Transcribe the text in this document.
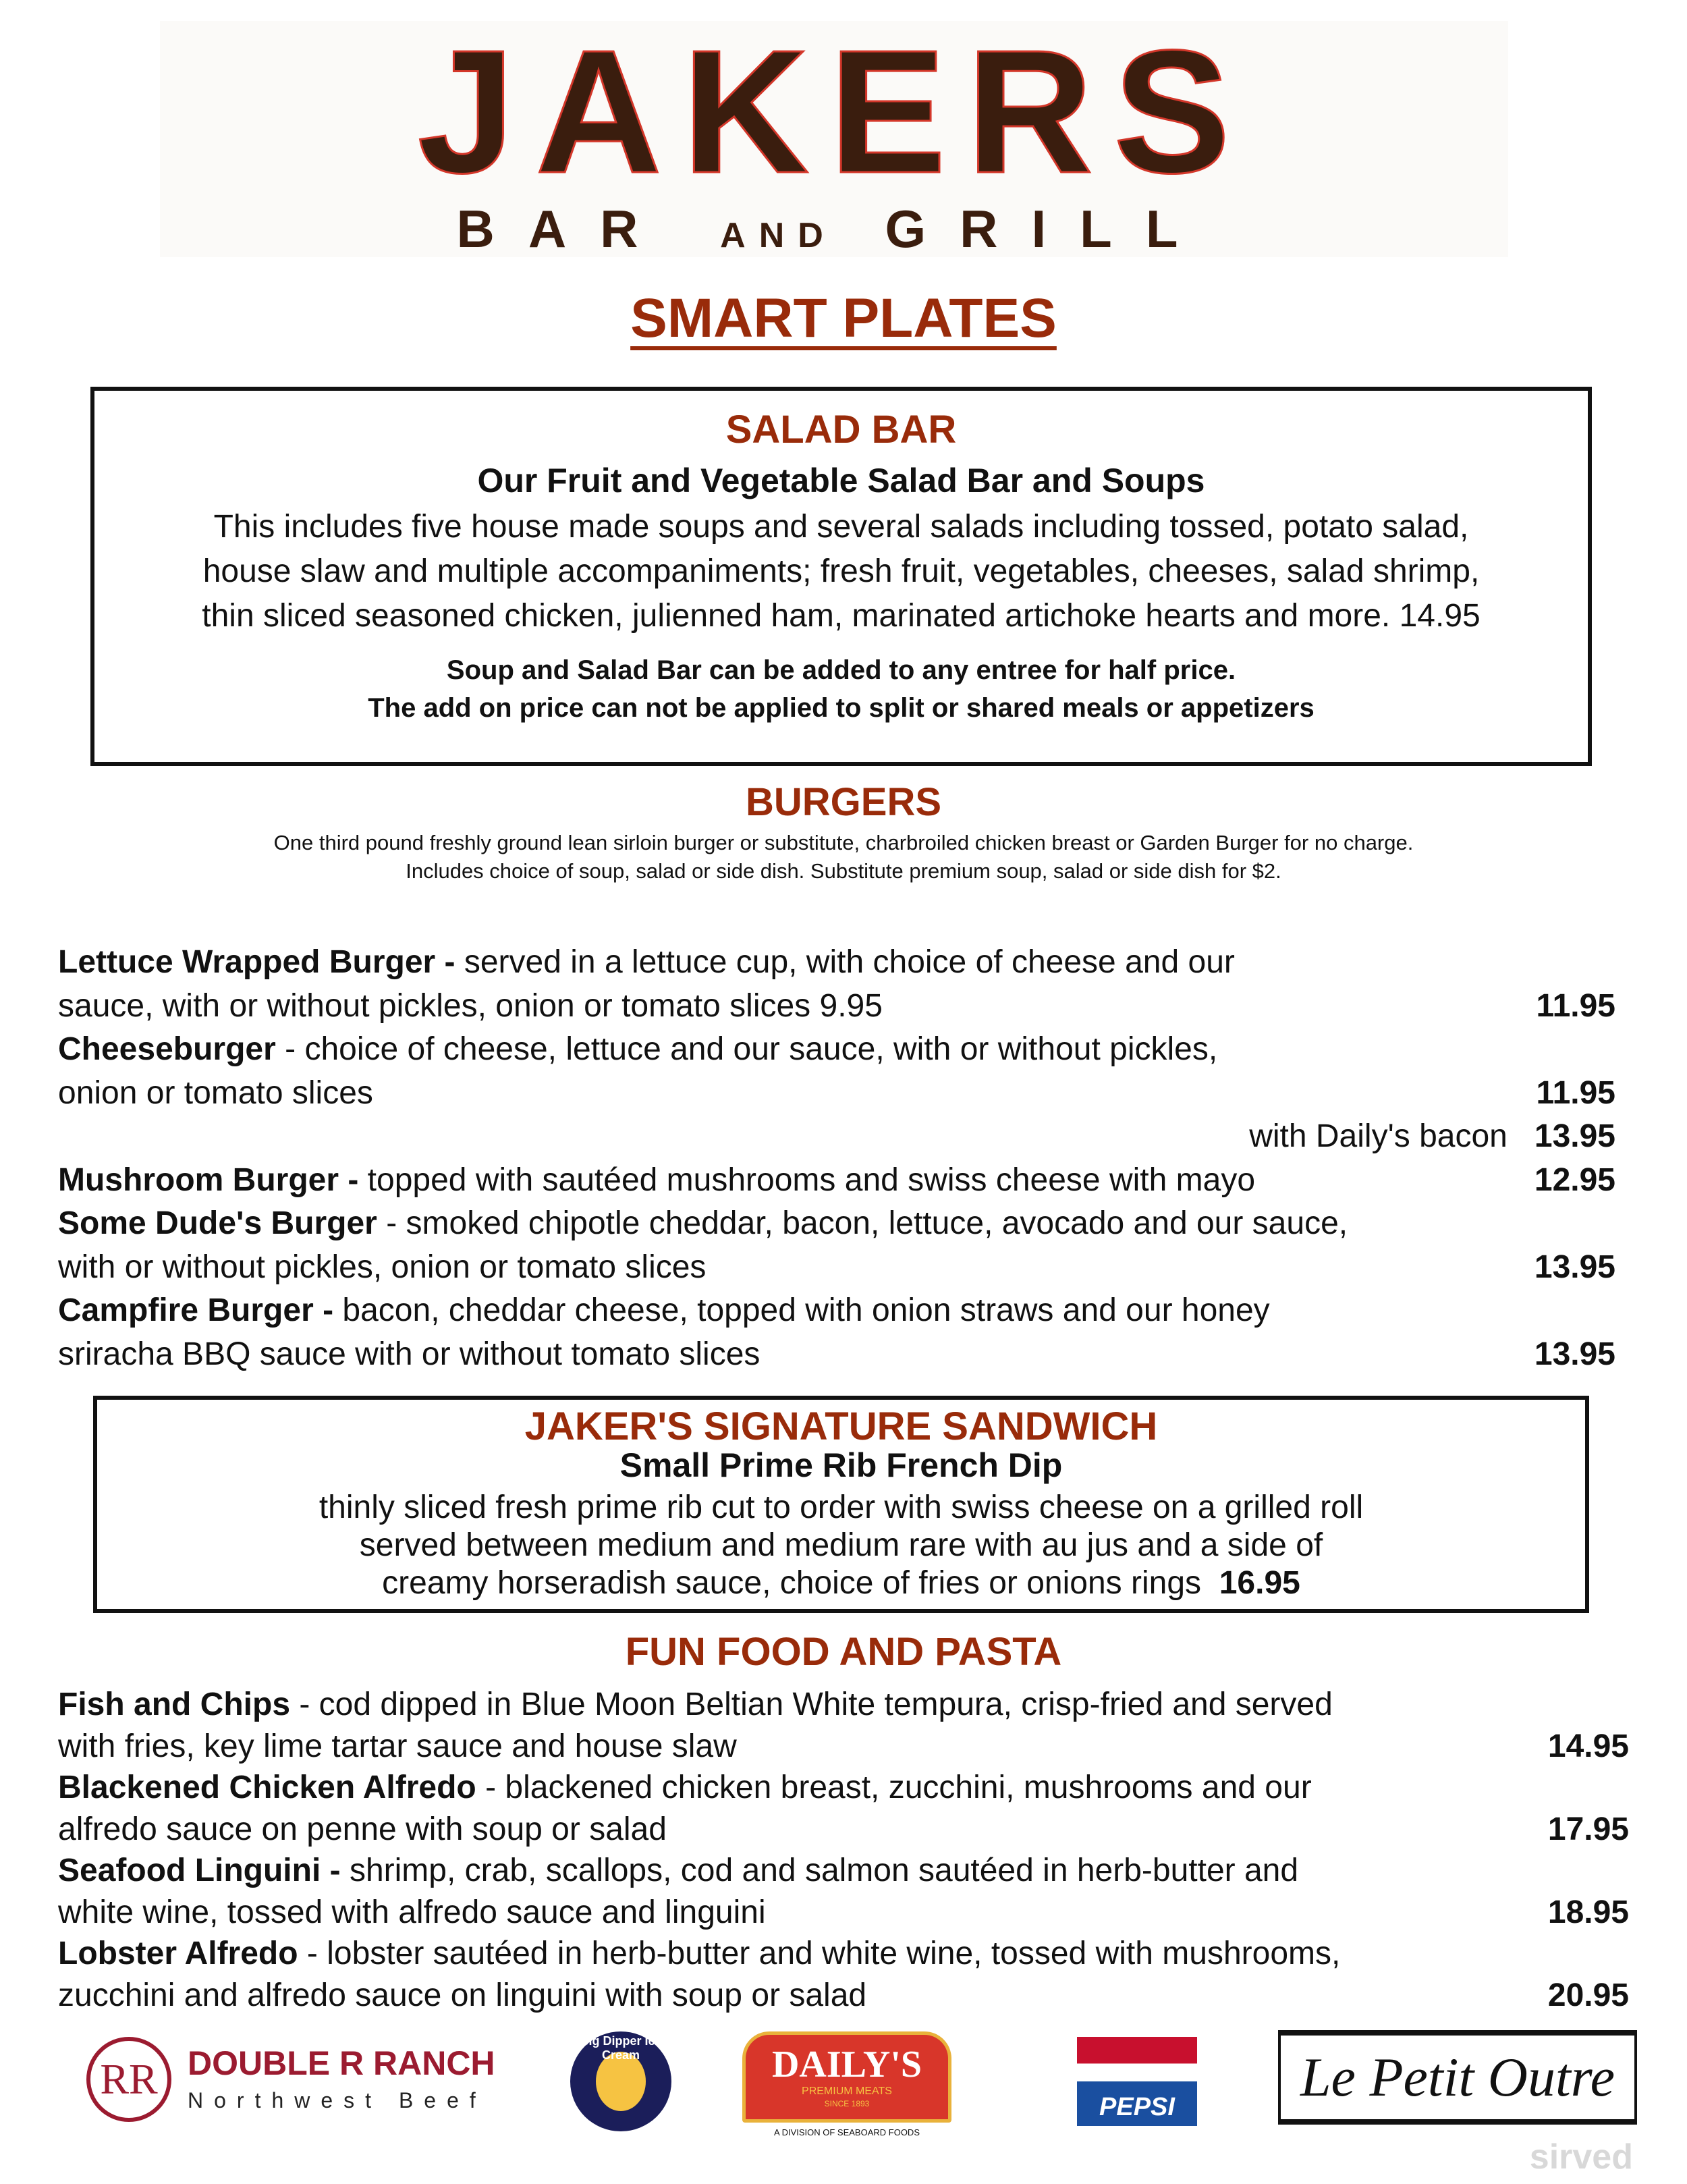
JAKERS
BAR AND GRILL
SMART PLATES
SALAD BAR
Our Fruit and Vegetable Salad Bar and Soups
This includes five house made soups and several salads including tossed, potato salad,
house slaw and multiple accompaniments; fresh fruit, vegetables, cheeses, salad shrimp,
thin sliced seasoned chicken, julienned ham, marinated artichoke hearts and more. 14.95
Soup and Salad Bar can be added to any entree for half price.
The add on price can not be applied to split or shared meals or appetizers
BURGERS
One third pound freshly ground lean sirloin burger or substitute, charbroiled chicken breast or Garden Burger for no charge.
Includes choice of soup, salad or side dish. Substitute premium soup, salad or side dish for $2.
Lettuce Wrapped Burger - served in a lettuce cup, with choice of cheese and our
sauce, with or without pickles, onion or tomato slices 9.95	11.95
Cheeseburger - choice of cheese, lettuce and our sauce, with or without pickles,
onion or tomato slices	11.95
with Daily's bacon 13.95
Mushroom Burger - topped with sautéed mushrooms and swiss cheese with mayo	12.95
Some Dude's Burger - smoked chipotle cheddar, bacon, lettuce, avocado and our sauce,
with or without pickles, onion or tomato slices	13.95
Campfire Burger - bacon, cheddar cheese, topped with onion straws and our honey
sriracha BBQ sauce with or without tomato slices	13.95
JAKER'S SIGNATURE SANDWICH
Small Prime Rib French Dip
thinly sliced fresh prime rib cut to order with swiss cheese on a grilled roll
served between medium and medium rare with au jus and a side of
creamy horseradish sauce, choice of fries or onions rings 16.95
FUN FOOD AND PASTA
Fish and Chips - cod dipped in Blue Moon Beltian White tempura, crisp-fried and served
with fries, key lime tartar sauce and house slaw	14.95
Blackened Chicken Alfredo - blackened chicken breast, zucchini, mushrooms and our
alfredo sauce on penne with soup or salad	17.95
Seafood Linguini - shrimp, crab, scallops, cod and salmon sautéed in herb-butter and
white wine, tossed with alfredo sauce and linguini	18.95
Lobster Alfredo - lobster sautéed in herb-butter and white wine, tossed with mushrooms,
zucchini and alfredo sauce on linguini with soup or salad	20.95
sirved
RR DOUBLE R RANCH
Northwest Beef
Big Dipper Ice Cream	DAILY'S
PREMIUM MEATS
SINCE 1893
A DIVISION OF SEABOARD FOODS
PEPSI	Le Petit Outre
